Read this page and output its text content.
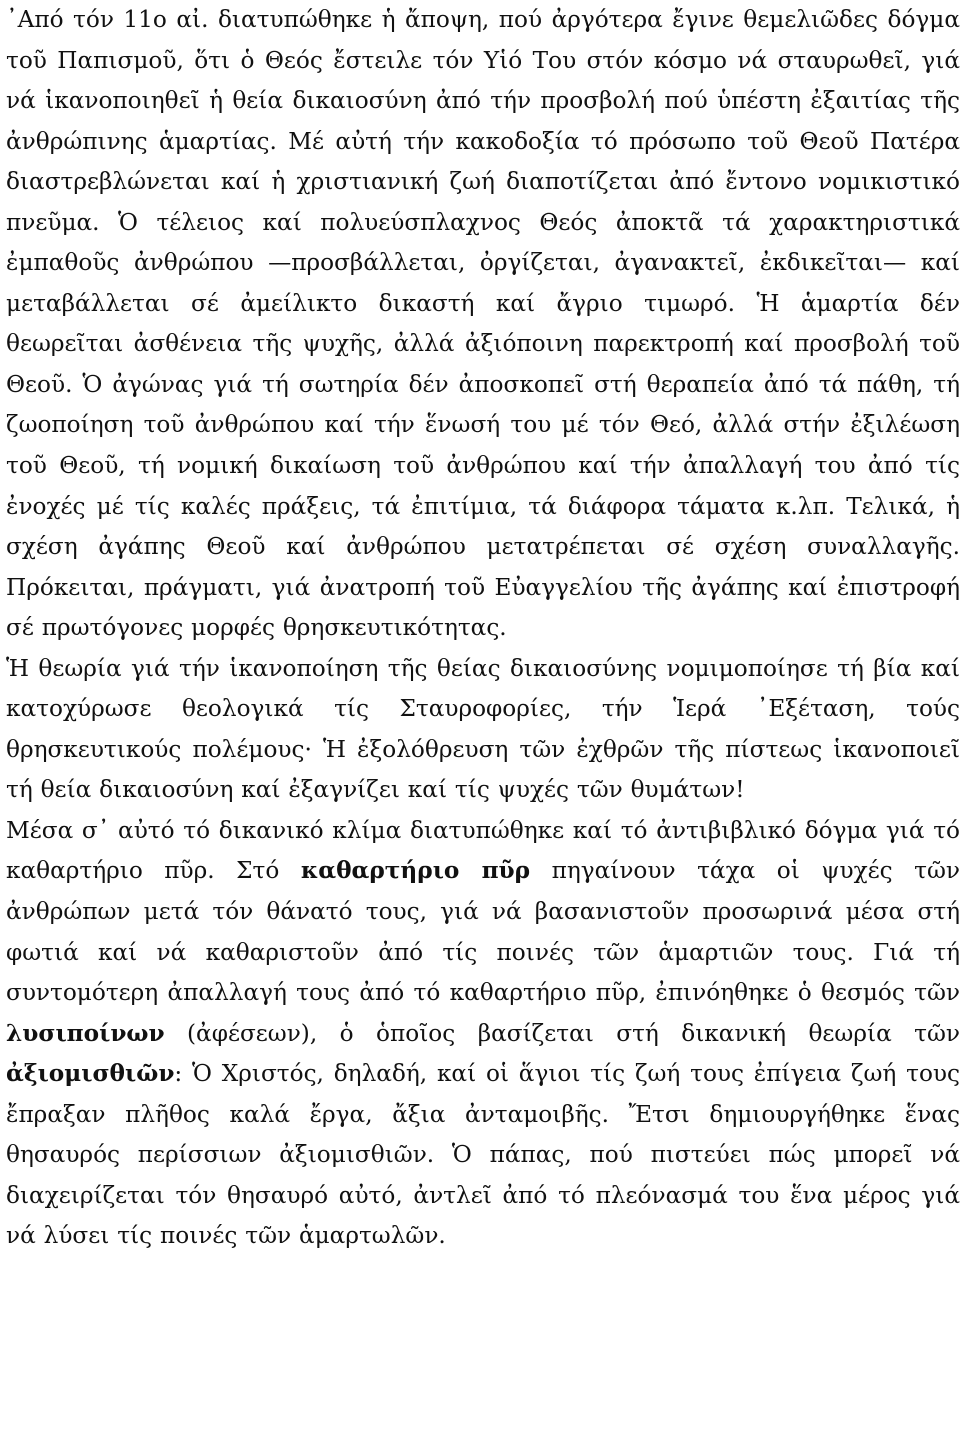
᾿Από τόν 11ο αἰ. διατυπώθηκε ἡ ἄποψη, πού ἀργότερα ἔγινε θεμελιῶδες δόγμα τοῦ Παπισμοῦ, ὅτι ὁ Θεός ἔστειλε τόν Υἱό Του στόν κόσμο νά σταυρωθεῖ, γιά νά ἱκανοποιηθεῖ ἡ θεία δικαιοσύνη ἀπό τήν προσβολή πού ὑπέστη ἐξαιτίας τῆς ἀνθρώπινης ἁμαρτίας. Μέ αὐτή τήν κακοδοξία τό πρόσωπο τοῦ Θεοῦ Πατέρα διαστρεβλώνεται καί ἡ χριστιανική ζωή διαποτίζεται ἀπό ἔντονο νομικιστικό πνεῦμα. Ὁ τέλειος καί πολυεύσπλαχνος Θεός ἀποκτᾶ τά χαρακτηριστικά ἐμπαθοῦς ἀνθρώπου —προσβάλλεται, ὀργίζεται, ἀγανακτεῖ, ἐκδικεῖται— καί μεταβάλλεται σέ ἀμείλικτο δικαστή καί ἄγριο τιμωρό. Ἡ ἁμαρτία δέν θεωρεῖται ἀσθένεια τῆς ψυχῆς, ἀλλά ἀξιόποινη παρεκτροπή καί προσβολή τοῦ Θεοῦ. Ὁ ἀγώνας γιά τή σωτηρία δέν ἀποσκοπεῖ στή θεραπεία ἀπό τά πάθη, τή ζωοποίηση τοῦ ἀνθρώπου καί τήν ἕνωσή του μέ τόν Θεό, ἀλλά στήν ἐξιλέωση τοῦ Θεοῦ, τή νομική δικαίωση τοῦ ἀνθρώπου καί τήν ἀπαλλαγή του ἀπό τίς ἐνοχές μέ τίς καλές πράξεις, τά ἐπιτίμια, τά διάφορα τάματα κ.λπ. Τελικά, ἡ σχέση ἀγάπης Θεοῦ καί ἀνθρώπου μετατρέπεται σέ σχέση συναλλαγῆς. Πρόκειται, πράγματι, γιά ἀνατροπή τοῦ Εὐαγγελίου τῆς ἀγάπης καί ἐπιστροφή σέ πρωτόγονες μορφές θρησκευτικότητας.

Ἡ θεωρία γιά τήν ἱκανοποίηση τῆς θείας δικαιοσύνης νομιμοποίησε τή βία καί κατοχύρωσε θεολογικά τίς Σταυροφορίες, τήν Ἱερά ᾿Εξέταση, τούς θρησκευτικούς πολέμους· Ἡ ἐξολόθρευση τῶν ἐχθρῶν τῆς πίστεως ἱκανοποιεῖ τή θεία δικαιοσύνη καί ἐξαγνίζει καί τίς ψυχές τῶν θυμάτων!

Μέσα σ᾿ αὐτό τό δικανικό κλίμα διατυπώθηκε καί τό ἀντιβιβλικό δόγμα γιά τό καθαρτήριο πῦρ. Στό καθαρτήριο πῦρ πηγαίνουν τάχα οἱ ψυχές τῶν ἀνθρώπων μετά τόν θάνατό τους, γιά νά βασανιστοῦν προσωρινά μέσα στή φωτιά καί νά καθαριστοῦν ἀπό τίς ποινές τῶν ἁμαρτιῶν τους. Γιά τή συντομότερη ἀπαλλαγή τους ἀπό τό καθαρτήριο πῦρ, ἐπινόηθηκε ὁ θεσμός τῶν λυσιποίνων (ἀφέσεων), ὁ ὁποῖος βασίζεται στή δικανική θεωρία τῶν ἀξιομισθιῶν: Ὁ Χριστός, δηλαδή, καί οἱ ἅγιοι τίς ζωή τους ἐπίγεια ζωή τους ἔπραξαν πλῆθος καλά ἔργα, ἄξια ἀνταμοιβῆς. Ἔτσι δημιουργήθηκε ἕνας θησαυρός περίσσιων ἀξιομισθιῶν. Ὁ πάπας, πού πιστεύει πώς μπορεῖ νά διαχειρίζεται τόν θησαυρό αὐτό, ἀντλεῖ ἀπό τό πλεόνασμά του ἕνα μέρος γιά νά λύσει τίς ποινές τῶν ἁμαρτωλῶν.
